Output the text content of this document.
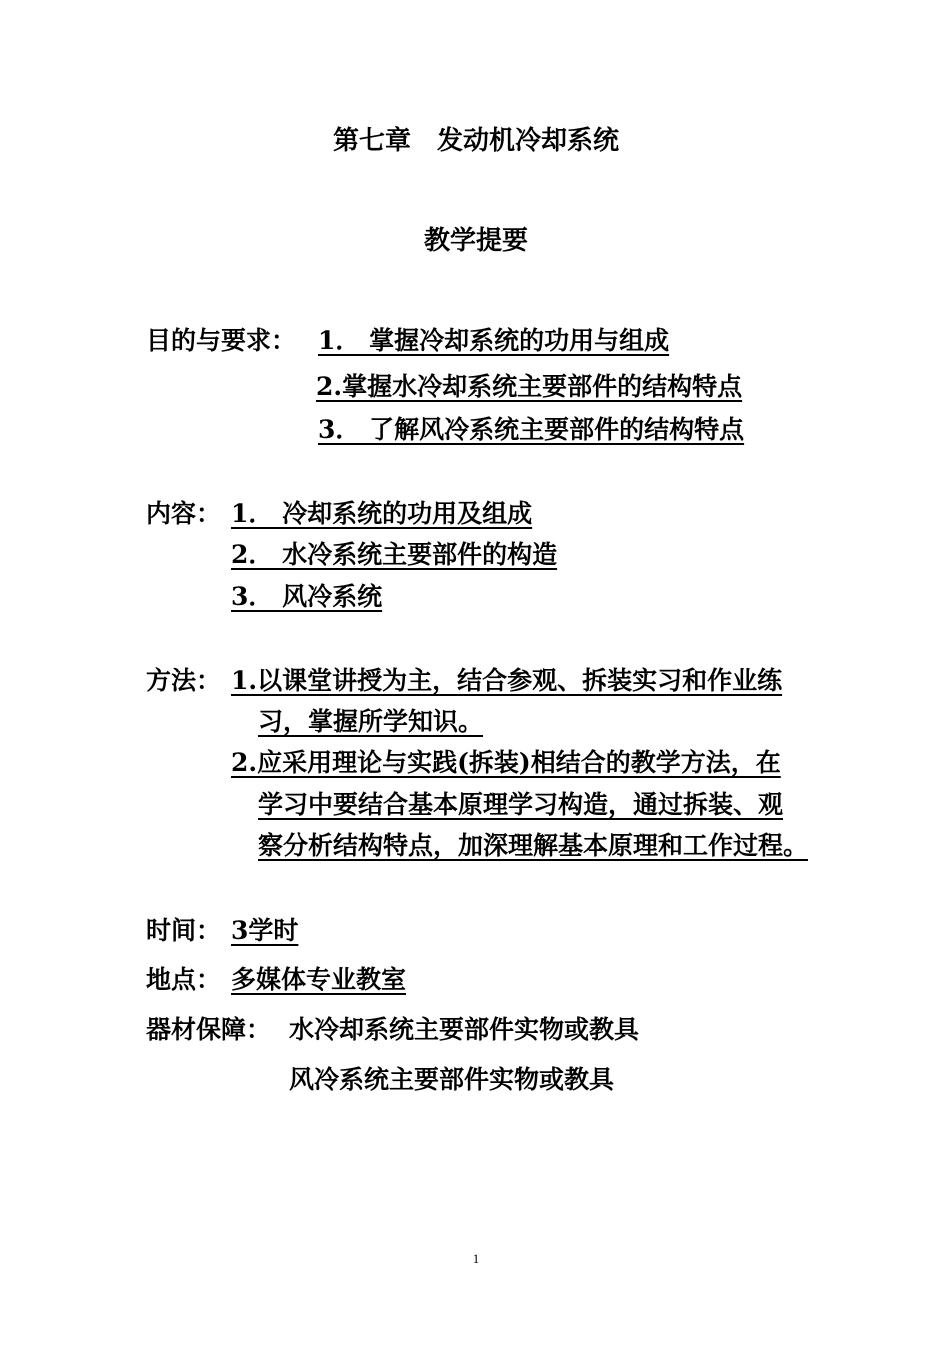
第七章　发动机冷却系统
教学提要
目的与要求： 1． 掌握冷却系统的功用与组成
2.掌握水冷却系统主要部件的结构特点
3． 了解风冷系统主要部件的结构特点
内容： 1． 冷却系统的功用及组成
2． 水冷系统主要部件的构造
3． 风冷系统
方法： 1.以课堂讲授为主，结合参观、拆装实习和作业练
习，掌握所学知识。
2.应采用理论与实践(拆装)相结合的教学方法，在
学习中要结合基本原理学习构造，通过拆装、观
察分析结构特点，加深理解基本原理和工作过程。
时间： 3学时
地点： 多媒体专业教室
器材保障： 水冷却系统主要部件实物或教具
风冷系统主要部件实物或教具
1
